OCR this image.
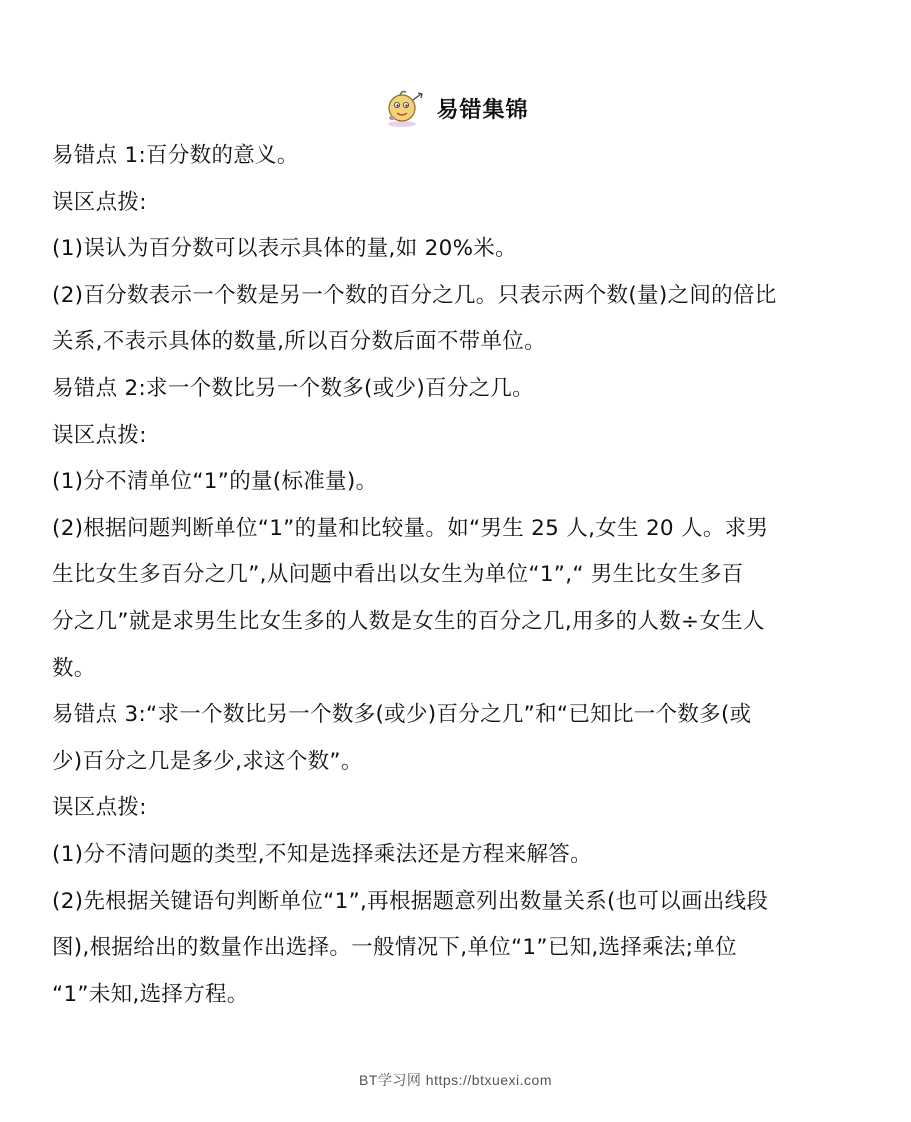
易错集锦
易错点 1:百分数的意义。
误区点拨:
(1)误认为百分数可以表示具体的量,如 20%米。
(2)百分数表示一个数是另一个数的百分之几。只表示两个数(量)之间的倍比
关系,不表示具体的数量,所以百分数后面不带单位。
易错点 2:求一个数比另一个数多(或少)百分之几。
误区点拨:
(1)分不清单位“1”的量(标准量)。
(2)根据问题判断单位“1”的量和比较量。如“男生 25 人,女生 20 人。求男
生比女生多百分之几”,从问题中看出以女生为单位“1”,“ 男生比女生多百
分之几”就是求男生比女生多的人数是女生的百分之几,用多的人数÷女生人
数。
易错点 3:“求一个数比另一个数多(或少)百分之几”和“已知比一个数多(或
少)百分之几是多少,求这个数”。
误区点拨:
(1)分不清问题的类型,不知是选择乘法还是方程来解答。
(2)先根据关键语句判断单位“1”,再根据题意列出数量关系(也可以画出线段
图),根据给出的数量作出选择。一般情况下,单位“1”已知,选择乘法;单位
“1”未知,选择方程。
BT学习网 https://btxuexi.com
